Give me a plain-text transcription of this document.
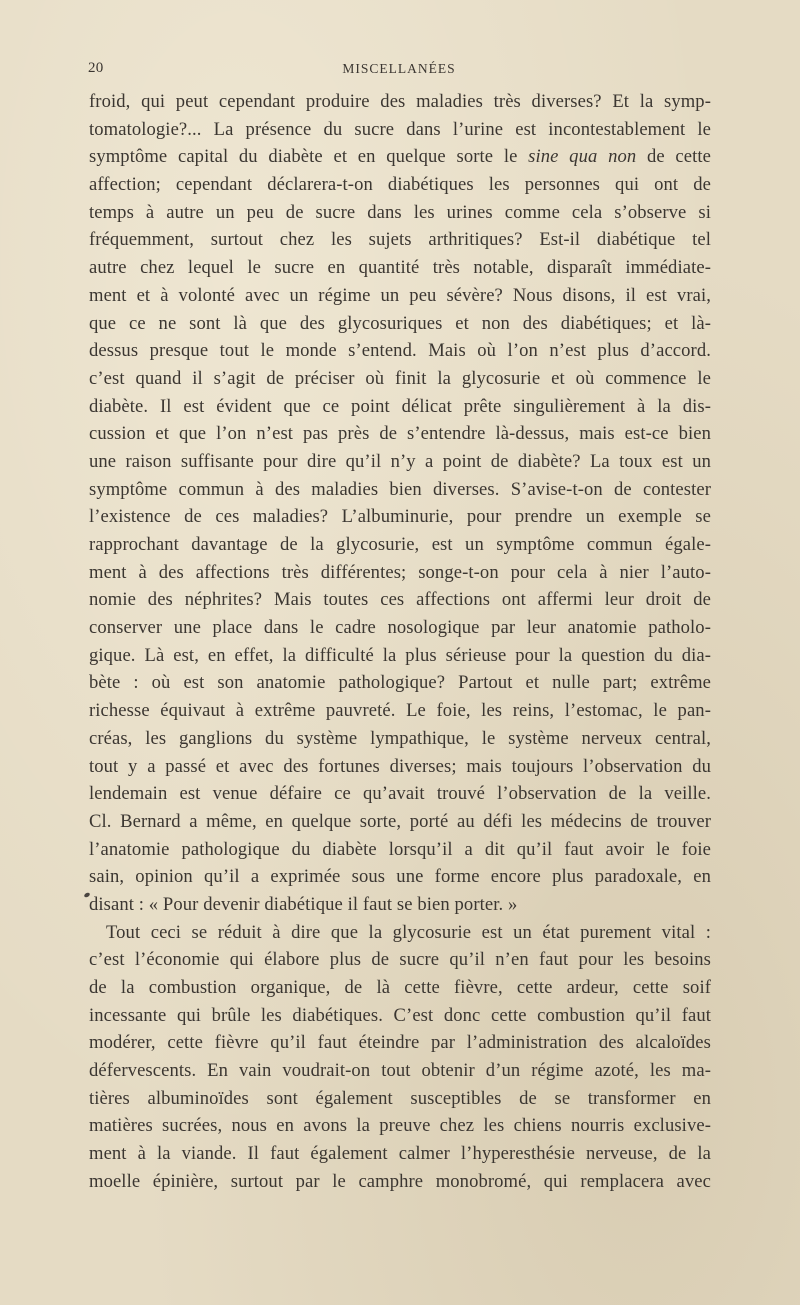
20	MISCELLANÉES
froid, qui peut cependant produire des maladies très diverses? Et la symp-
tomatologie?... La présence du sucre dans l’urine est incontestablement le
symptôme capital du diabète et en quelque sorte le sine qua non de cette
affection; cependant déclarera-t-on diabétiques les personnes qui ont de
temps à autre un peu de sucre dans les urines comme cela s’observe si
fréquemment, surtout chez les sujets arthritiques? Est-il diabétique tel
autre chez lequel le sucre en quantité très notable, disparaît immédiate-
ment et à volonté avec un régime un peu sévère? Nous disons, il est vrai,
que ce ne sont là que des glycosuriques et non des diabétiques; et là-
dessus presque tout le monde s’entend. Mais où l’on n’est plus d’accord.
c’est quand il s’agit de préciser où finit la glycosurie et où commence le
diabète. Il est évident que ce point délicat prête singulièrement à la dis-
cussion et que l’on n’est pas près de s’entendre là-dessus, mais est-ce bien
une raison suffisante pour dire qu’il n’y a point de diabète? La toux est un
symptôme commun à des maladies bien diverses. S’avise-t-on de contester
l’existence de ces maladies? L’albuminurie, pour prendre un exemple se
rapprochant davantage de la glycosurie, est un symptôme commun égale-
ment à des affections très différentes; songe-t-on pour cela à nier l’auto-
nomie des néphrites? Mais toutes ces affections ont affermi leur droit de
conserver une place dans le cadre nosologique par leur anatomie patholo-
gique. Là est, en effet, la difficulté la plus sérieuse pour la question du dia-
bète : où est son anatomie pathologique? Partout et nulle part; extrême
richesse équivaut à extrême pauvreté. Le foie, les reins, l’estomac, le pan-
créas, les ganglions du système lympathique, le système nerveux central,
tout y a passé et avec des fortunes diverses; mais toujours l’observation du
lendemain est venue défaire ce qu’avait trouvé l’observation de la veille.
Cl. Bernard a même, en quelque sorte, porté au défi les médecins de trouver
l’anatomie pathologique du diabète lorsqu’il a dit qu’il faut avoir le foie
sain, opinion qu’il a exprimée sous une forme encore plus paradoxale, en
disant : « Pour devenir diabétique il faut se bien porter. »
Tout ceci se réduit à dire que la glycosurie est un état purement vital :
c’est l’économie qui élabore plus de sucre qu’il n’en faut pour les besoins
de la combustion organique, de là cette fièvre, cette ardeur, cette soif
incessante qui brûle les diabétiques. C’est donc cette combustion qu’il faut
modérer, cette fièvre qu’il faut éteindre par l’administration des alcaloïdes
défervescents. En vain voudrait-on tout obtenir d’un régime azoté, les ma-
tières albuminoïdes sont également susceptibles de se transformer en
matières sucrées, nous en avons la preuve chez les chiens nourris exclusive-
ment à la viande. Il faut également calmer l’hyperesthésie nerveuse, de la
moelle épinière, surtout par le camphre monobromé, qui remplacera avec
